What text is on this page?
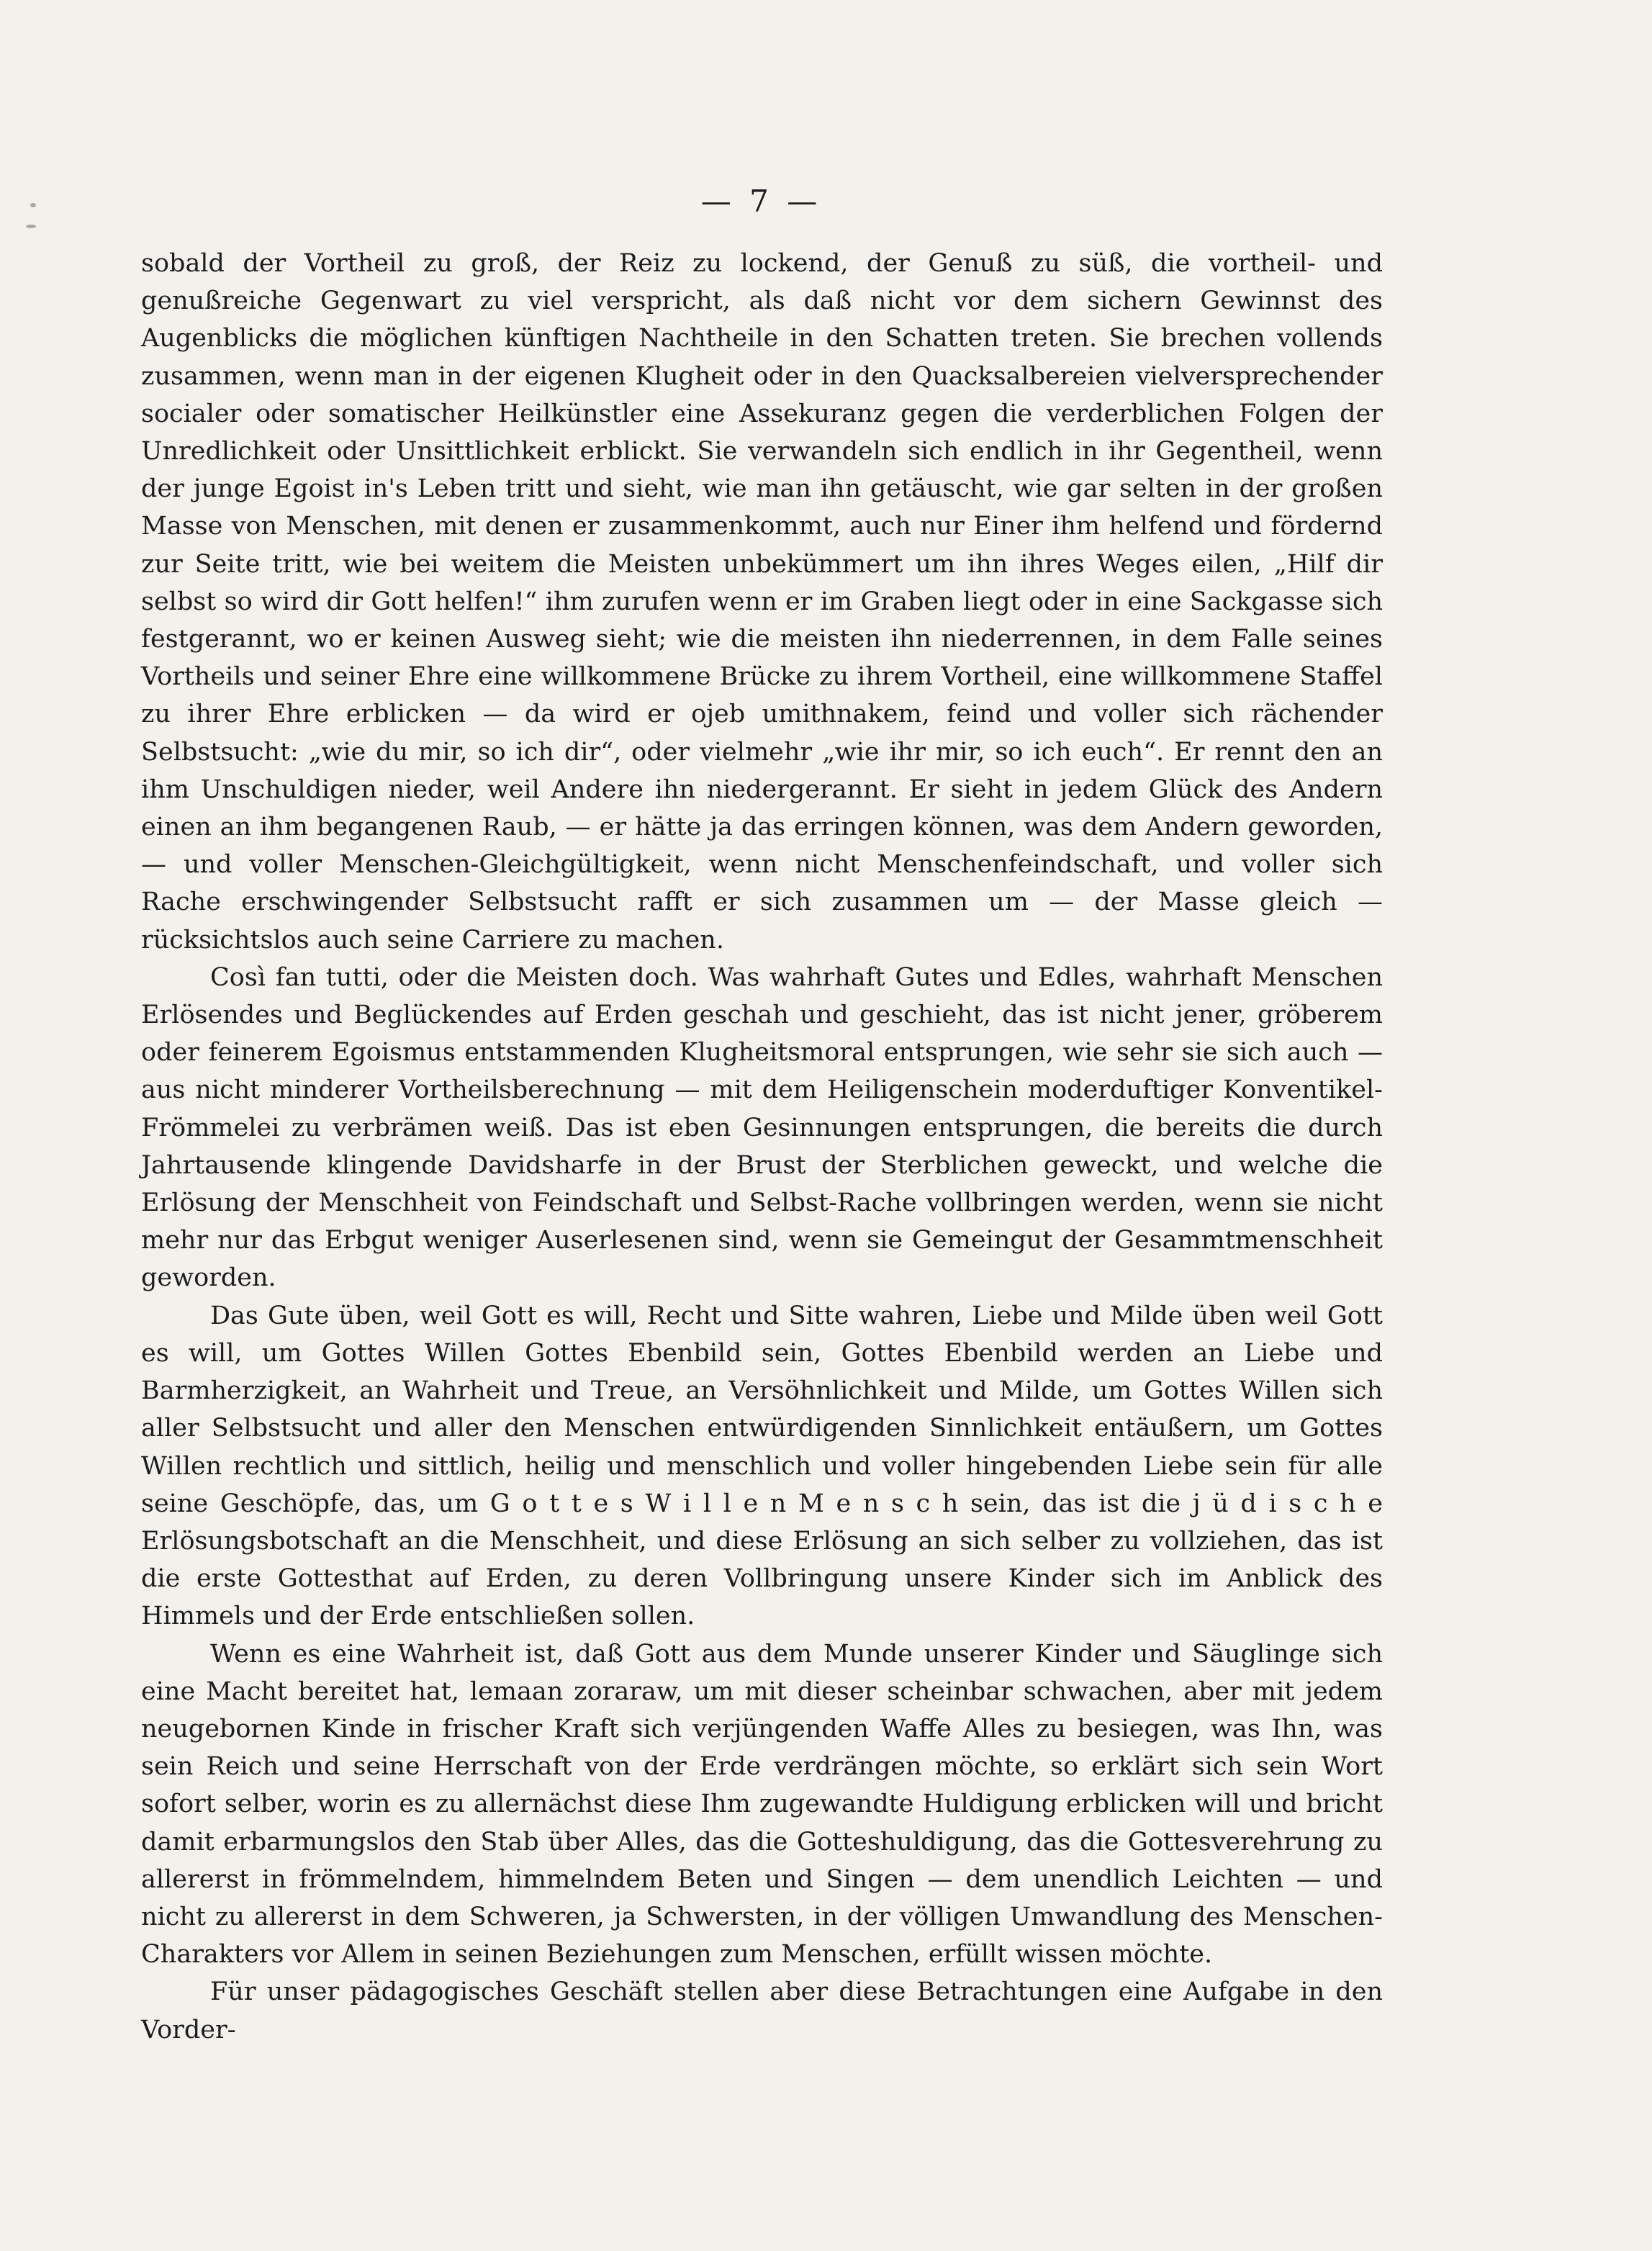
— 7 —

sobald der Vortheil zu groß, der Reiz zu lockend, der Genuß zu süß, die vortheil- und genußreiche Gegenwart zu viel verspricht, als daß nicht vor dem sichern Gewinnst des Augenblicks die möglichen künftigen Nachtheile in den Schatten treten. Sie brechen vollends zusammen, wenn man in der eigenen Klugheit oder in den Quacksalbereien vielversprechender socialer oder somatischer Heilkünstler eine Assekuranz gegen die verderblichen Folgen der Unredlichkeit oder Unsittlichkeit erblickt. Sie verwandeln sich endlich in ihr Gegentheil, wenn der junge Egoist in's Leben tritt und sieht, wie man ihn getäuscht, wie gar selten in der großen Masse von Menschen, mit denen er zusammenkommt, auch nur Einer ihm helfend und fördernd zur Seite tritt, wie bei weitem die Meisten unbekümmert um ihn ihres Weges eilen, „Hilf dir selbst so wird dir Gott helfen!“ ihm zurufen wenn er im Graben liegt oder in eine Sackgasse sich festgerannt, wo er keinen Ausweg sieht; wie die meisten ihn niederrennen, in dem Falle seines Vortheils und seiner Ehre eine willkommene Brücke zu ihrem Vortheil, eine willkommene Staffel zu ihrer Ehre erblicken — da wird er ojeb umithnakem, feind und voller sich rächender Selbstsucht: „wie du mir, so ich dir“, oder vielmehr „wie ihr mir, so ich euch“. Er rennt den an ihm Unschuldigen nieder, weil Andere ihn niedergerannt. Er sieht in jedem Glück des Andern einen an ihm begangenen Raub, — er hätte ja das erringen können, was dem Andern geworden, — und voller Menschen-Gleichgültigkeit, wenn nicht Menschenfeindschaft, und voller sich Rache erschwingender Selbstsucht rafft er sich zusammen um — der Masse gleich — rücksichtslos auch seine Carriere zu machen.

Così fan tutti, oder die Meisten doch. Was wahrhaft Gutes und Edles, wahrhaft Menschen Erlösendes und Beglückendes auf Erden geschah und geschieht, das ist nicht jener, gröberem oder feinerem Egoismus entstammenden Klugheitsmoral entsprungen, wie sehr sie sich auch — aus nicht minderer Vortheilsberechnung — mit dem Heiligenschein moderduftiger Konventikel-Frömmelei zu verbrämen weiß. Das ist eben Gesinnungen entsprungen, die bereits die durch Jahrtausende klingende Davidsharfe in der Brust der Sterblichen geweckt, und welche die Erlösung der Menschheit von Feindschaft und Selbst-Rache vollbringen werden, wenn sie nicht mehr nur das Erbgut weniger Auserlesenen sind, wenn sie Gemeingut der Gesammtmenschheit geworden.

Das Gute üben, weil Gott es will, Recht und Sitte wahren, Liebe und Milde üben weil Gott es will, um Gottes Willen Gottes Ebenbild sein, Gottes Ebenbild werden an Liebe und Barmherzigkeit, an Wahrheit und Treue, an Versöhnlichkeit und Milde, um Gottes Willen sich aller Selbstsucht und aller den Menschen entwürdigenden Sinnlichkeit entäußern, um Gottes Willen rechtlich und sittlich, heilig und menschlich und voller hingebenden Liebe sein für alle seine Geschöpfe, das, um G o t t e s W i l l e n M e n s c h sein, das ist die j ü d i s c h e Erlösungsbotschaft an die Menschheit, und diese Erlösung an sich selber zu vollziehen, das ist die erste Gottesthat auf Erden, zu deren Vollbringung unsere Kinder sich im Anblick des Himmels und der Erde entschließen sollen.

Wenn es eine Wahrheit ist, daß Gott aus dem Munde unserer Kinder und Säuglinge sich eine Macht bereitet hat, lemaan zoraraw, um mit dieser scheinbar schwachen, aber mit jedem neugebornen Kinde in frischer Kraft sich verjüngenden Waffe Alles zu besiegen, was Ihn, was sein Reich und seine Herrschaft von der Erde verdrängen möchte, so erklärt sich sein Wort sofort selber, worin es zu allernächst diese Ihm zugewandte Huldigung erblicken will und bricht damit erbarmungslos den Stab über Alles, das die Gotteshuldigung, das die Gottesverehrung zu allererst in frömmelndem, himmelndem Beten und Singen — dem unendlich Leichten — und nicht zu allererst in dem Schweren, ja Schwersten, in der völligen Umwandlung des Menschen-Charakters vor Allem in seinen Beziehungen zum Menschen, erfüllt wissen möchte.

Für unser pädagogisches Geschäft stellen aber diese Betrachtungen eine Aufgabe in den Vorder-
